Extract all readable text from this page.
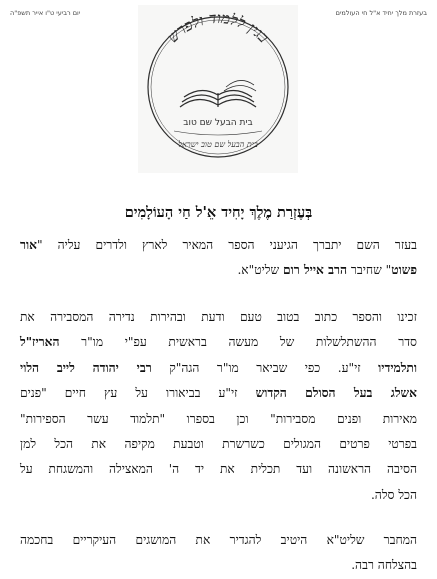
בעזרת מלך יחיד א"ל חי העולמים
יום רביעי ט"ו אייר תשפ"ה
בגין ללמוד ולפרש
בית הבעל שם טוב
בית הבעל שם טוב ישראל
בְּעֶזְרַת מֶלֶךְ יָחִיד אֵ'ל חַי הָעוֹלָמִים
בעזר השם יתברך הגיעני הספר המאיר לארץ ולדרים עליה "אור
פשוט" שחיבר הרב אייל רום שליט"א.
זכינו והספר כתוב בטוב טעם ודעת ובהירות נדירה המסבירה את
סדר ההשתלשלות של מעשה בראשית עפ"י מו"ר האריז"ל
ותלמידיו זי"ע. כפי שביאר מו"ר הגה"ק רבי יהודה לייב הלוי
אשלג בעל הסולם הקדוש זי"ע בביאורו על עץ חיים "פנים
מאירות ופנים מסבירות" וכן בספרו "תלמוד עשר הספירות"
בפרטי פרטים המגולים כשרשרת וטבעת מקיפה את הכל למן
הסיבה הראשונה ועד תכלית את יד ה' המאצילה והמשגחת על
הכל סלה.
המחבר שליט"א היטיב להגדיר את המושגים העיקריים בחכמה
בהצלחה רבה.
